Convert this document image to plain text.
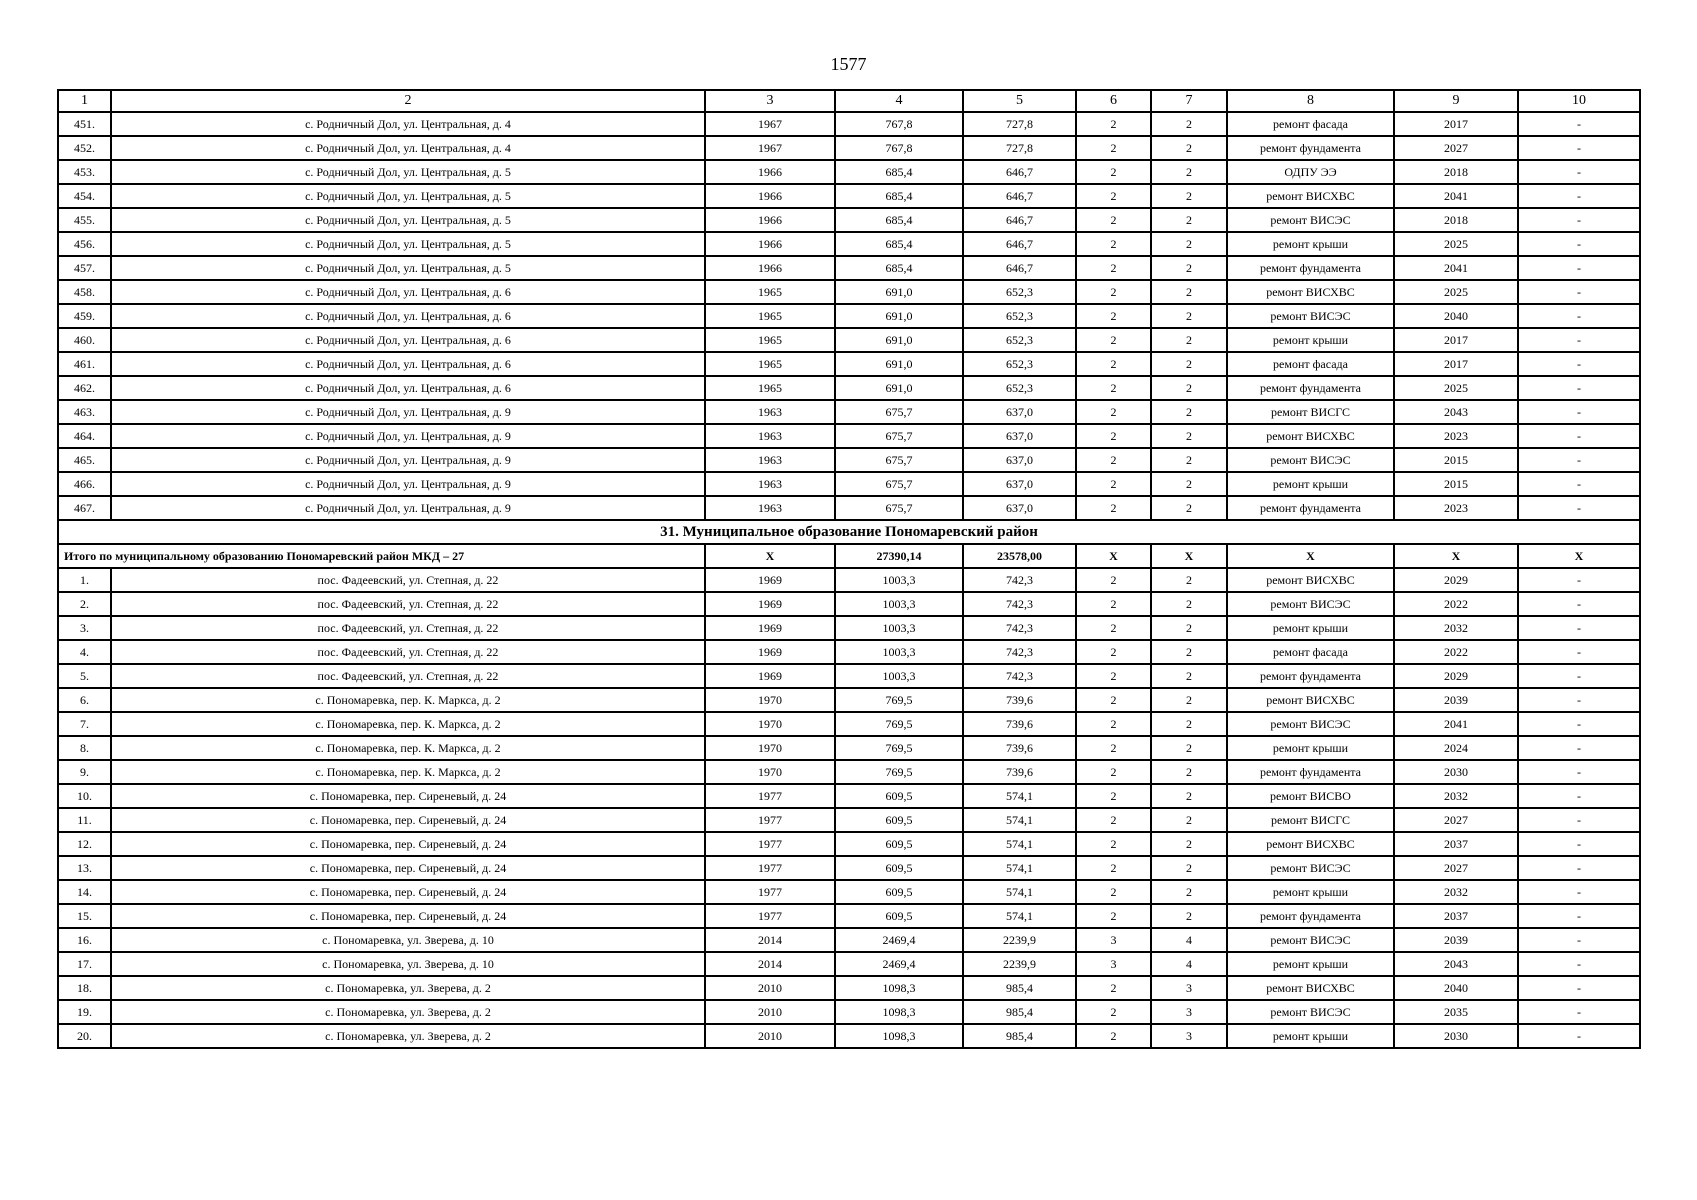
1577
1	2	3	4	5	6	7	8	9	10
451.	с. Родничный Дол, ул. Центральная, д. 4	1967	767,8	727,8	2	2	ремонт фасада	2017	-
452.	с. Родничный Дол, ул. Центральная, д. 4	1967	767,8	727,8	2	2	ремонт фундамента	2027	-
453.	с. Родничный Дол, ул. Центральная, д. 5	1966	685,4	646,7	2	2	ОДПУ ЭЭ	2018	-
454.	с. Родничный Дол, ул. Центральная, д. 5	1966	685,4	646,7	2	2	ремонт ВИСХВС	2041	-
455.	с. Родничный Дол, ул. Центральная, д. 5	1966	685,4	646,7	2	2	ремонт ВИСЭС	2018	-
456.	с. Родничный Дол, ул. Центральная, д. 5	1966	685,4	646,7	2	2	ремонт крыши	2025	-
457.	с. Родничный Дол, ул. Центральная, д. 5	1966	685,4	646,7	2	2	ремонт фундамента	2041	-
458.	с. Родничный Дол, ул. Центральная, д. 6	1965	691,0	652,3	2	2	ремонт ВИСХВС	2025	-
459.	с. Родничный Дол, ул. Центральная, д. 6	1965	691,0	652,3	2	2	ремонт ВИСЭС	2040	-
460.	с. Родничный Дол, ул. Центральная, д. 6	1965	691,0	652,3	2	2	ремонт крыши	2017	-
461.	с. Родничный Дол, ул. Центральная, д. 6	1965	691,0	652,3	2	2	ремонт фасада	2017	-
462.	с. Родничный Дол, ул. Центральная, д. 6	1965	691,0	652,3	2	2	ремонт фундамента	2025	-
463.	с. Родничный Дол, ул. Центральная, д. 9	1963	675,7	637,0	2	2	ремонт ВИСГС	2043	-
464.	с. Родничный Дол, ул. Центральная, д. 9	1963	675,7	637,0	2	2	ремонт ВИСХВС	2023	-
465.	с. Родничный Дол, ул. Центральная, д. 9	1963	675,7	637,0	2	2	ремонт ВИСЭС	2015	-
466.	с. Родничный Дол, ул. Центральная, д. 9	1963	675,7	637,0	2	2	ремонт крыши	2015	-
467.	с. Родничный Дол, ул. Центральная, д. 9	1963	675,7	637,0	2	2	ремонт фундамента	2023	-
31. Муниципальное образование Пономаревский район									
Итого по муниципальному образованию Пономаревский район МКД – 27		Х	27390,14	23578,00	Х	Х	Х	Х	Х
1.	пос. Фадеевский, ул. Степная, д. 22	1969	1003,3	742,3	2	2	ремонт ВИСХВС	2029	-
2.	пос. Фадеевский, ул. Степная, д. 22	1969	1003,3	742,3	2	2	ремонт ВИСЭС	2022	-
3.	пос. Фадеевский, ул. Степная, д. 22	1969	1003,3	742,3	2	2	ремонт крыши	2032	-
4.	пос. Фадеевский, ул. Степная, д. 22	1969	1003,3	742,3	2	2	ремонт фасада	2022	-
5.	пос. Фадеевский, ул. Степная, д. 22	1969	1003,3	742,3	2	2	ремонт фундамента	2029	-
6.	с. Пономаревка, пер. К. Маркса, д. 2	1970	769,5	739,6	2	2	ремонт ВИСХВС	2039	-
7.	с. Пономаревка, пер. К. Маркса, д. 2	1970	769,5	739,6	2	2	ремонт ВИСЭС	2041	-
8.	с. Пономаревка, пер. К. Маркса, д. 2	1970	769,5	739,6	2	2	ремонт крыши	2024	-
9.	с. Пономаревка, пер. К. Маркса, д. 2	1970	769,5	739,6	2	2	ремонт фундамента	2030	-
10.	с. Пономаревка, пер. Сиреневый, д. 24	1977	609,5	574,1	2	2	ремонт ВИСВО	2032	-
11.	с. Пономаревка, пер. Сиреневый, д. 24	1977	609,5	574,1	2	2	ремонт ВИСГС	2027	-
12.	с. Пономаревка, пер. Сиреневый, д. 24	1977	609,5	574,1	2	2	ремонт ВИСХВС	2037	-
13.	с. Пономаревка, пер. Сиреневый, д. 24	1977	609,5	574,1	2	2	ремонт ВИСЭС	2027	-
14.	с. Пономаревка, пер. Сиреневый, д. 24	1977	609,5	574,1	2	2	ремонт крыши	2032	-
15.	с. Пономаревка, пер. Сиреневый, д. 24	1977	609,5	574,1	2	2	ремонт фундамента	2037	-
16.	с. Пономаревка, ул. Зверева, д. 10	2014	2469,4	2239,9	3	4	ремонт ВИСЭС	2039	-
17.	с. Пономаревка, ул. Зверева, д. 10	2014	2469,4	2239,9	3	4	ремонт крыши	2043	-
18.	с. Пономаревка, ул. Зверева, д. 2	2010	1098,3	985,4	2	3	ремонт ВИСХВС	2040	-
19.	с. Пономаревка, ул. Зверева, д. 2	2010	1098,3	985,4	2	3	ремонт ВИСЭС	2035	-
20.	с. Пономаревка, ул. Зверева, д. 2	2010	1098,3	985,4	2	3	ремонт крыши	2030	-
